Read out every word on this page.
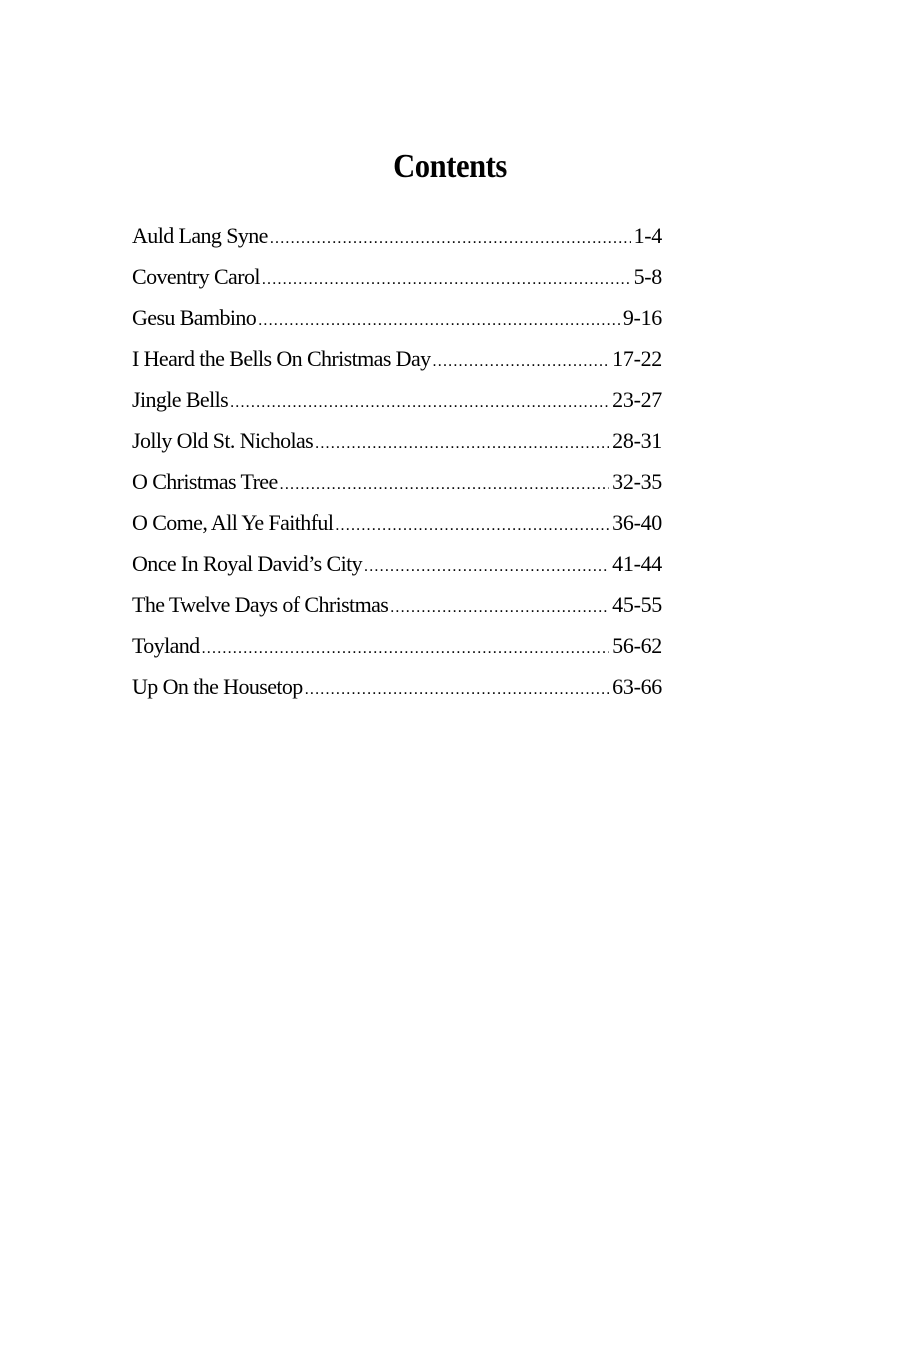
Contents
Auld Lang Syne .....	1-4
Coventry Carol .....	5-8
Gesu Bambino .....	9-16
I Heard the Bells On Christmas Day .....	17-22
Jingle Bells .....	23-27
Jolly Old St. Nicholas .....	28-31
O Christmas Tree .....	32-35
O Come, All Ye Faithful .....	36-40
Once In Royal David’s City .....	41-44
The Twelve Days of Christmas .....	45-55
Toyland .....	56-62
Up On the Housetop .....	63-66
